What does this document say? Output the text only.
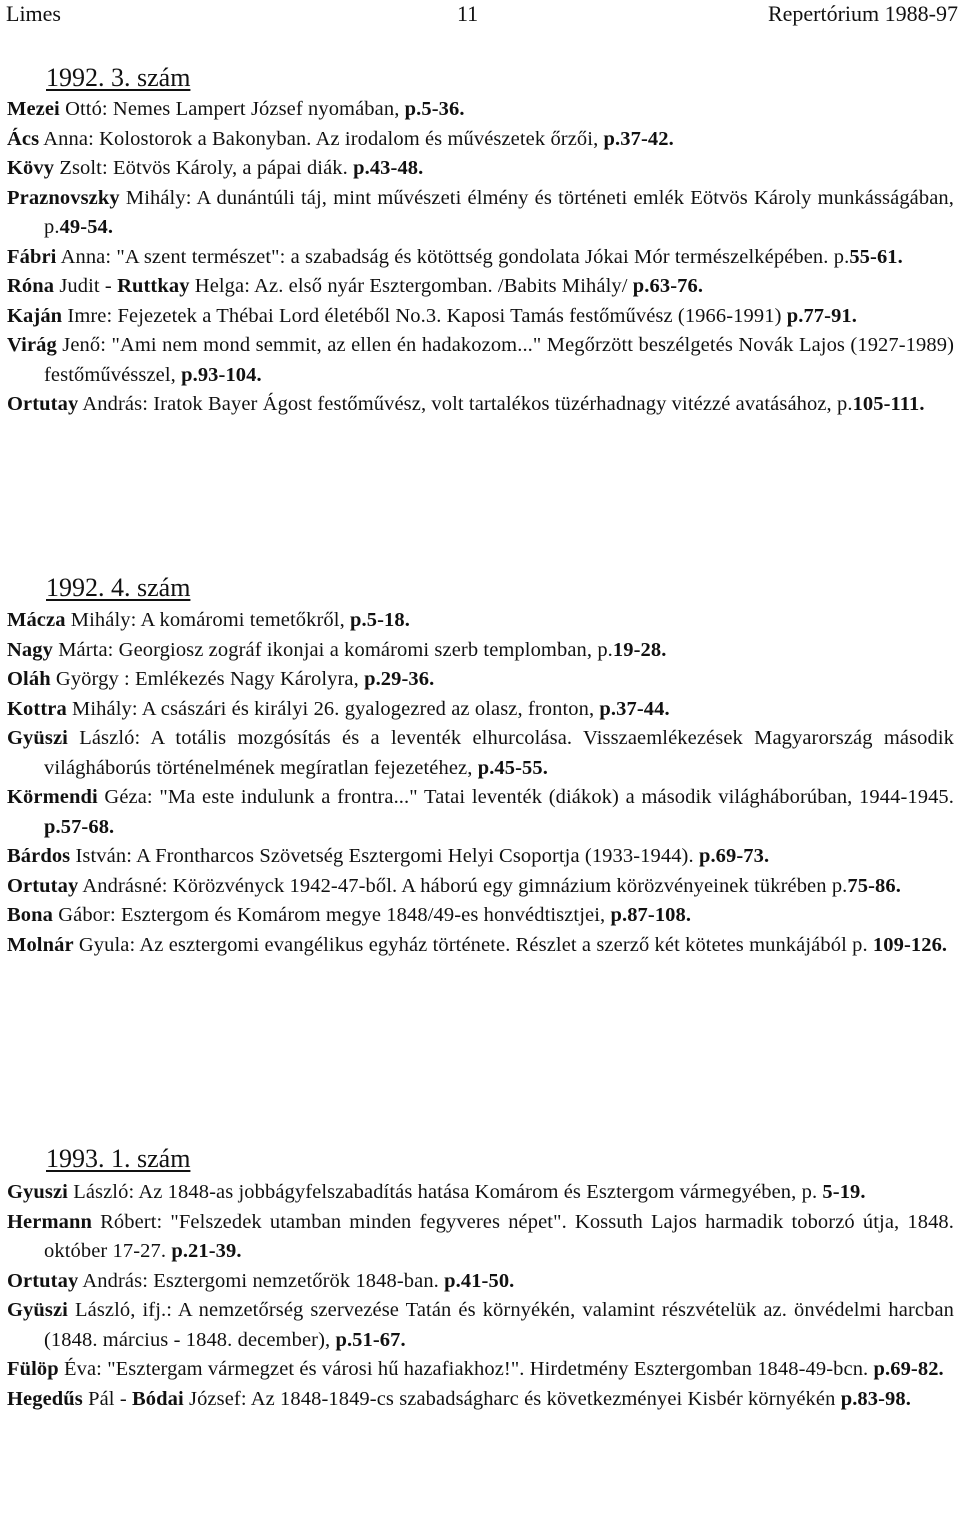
Limes	11	Repertórium 1988-97
1992. 3. szám

Mezei Ottó: Nemes Lampert József nyomában, p.5-36.

Ács Anna: Kolostorok a Bakonyban. Az irodalom és művészetek őrzői, p.37-42.

Kövy Zsolt: Eötvös Károly, a pápai diák. p.43-48.

Praznovszky Mihály: A dunántúli táj, mint művészeti élmény és történeti emlék Eötvös Károly munkásságában, p.49-54.

Fábri Anna: "A szent természet": a szabadság és kötöttség gondolata Jókai Mór természelképében. p.55-61.

Róna Judit - Ruttkay Helga: Az. első nyár Esztergomban. /Babits Mihály/ p.63-76.

Kaján Imre: Fejezetek a Thébai Lord életéből No.3. Kaposi Tamás festőművész (1966-1991) p.77-91.

Virág Jenő: "Ami nem mond semmit, az ellen én hadakozom..." Megőrzött beszélgetés Novák Lajos (1927-1989) festőművésszel, p.93-104.

Ortutay András: Iratok Bayer Ágost festőművész, volt tartalékos tüzérhadnagy vitézzé avatásához, p.105-111.

1992. 4. szám

Mácza Mihály: A komáromi temetőkről, p.5-18.

Nagy Márta: Georgiosz zográf ikonjai a komáromi szerb templomban, p.19-28.

Oláh György : Emlékezés Nagy Károlyra, p.29-36.

Kottra Mihály: A császári és királyi 26. gyalogezred az olasz, fronton, p.37-44.

Gyüszi László: A totális mozgósítás és a leventék elhurcolása. Visszaemlékezések Magyarország második világháborús történelmének megíratlan fejezetéhez, p.45-55.

Körmendi Géza: "Ma este indulunk a frontra..." Tatai leventék (diákok) a második világháborúban, 1944-1945. p.57-68.

Bárdos István: A Frontharcos Szövetség Esztergomi Helyi Csoportja (1933-1944). p.69-73.

Ortutay Andrásné: Körözvényck 1942-47-ből. A háború egy gimnázium körözvényeinek tükrében p.75-86.

Bona Gábor: Esztergom és Komárom megye 1848/49-es honvédtisztjei, p.87-108.

Molnár Gyula: Az esztergomi evangélikus egyház története. Részlet a szerző két kötetes munkájából p. 109-126.

1993. 1. szám

Gyuszi László: Az 1848-as jobbágyfelszabadítás hatása Komárom és Esztergom vármegyében, p. 5-19.

Hermann Róbert: "Felszedek utamban minden fegyveres népet". Kossuth Lajos harmadik toborzó útja, 1848. október 17-27. p.21-39.

Ortutay András: Esztergomi nemzetőrök 1848-ban. p.41-50.

Gyüszi László, ifj.: A nemzetőrség szervezése Tatán és környékén, valamint részvételük az. önvédelmi harcban (1848. március - 1848. december), p.51-67.

Fülöp Éva: "Esztergam vármegzet és városi hű hazafiakhoz!". Hirdetmény Esztergomban 1848-49-bcn. p.69-82.

Hegedűs Pál - Bódai József: Az 1848-1849-cs szabadságharc és következményei Kisbér környékén p.83-98.
